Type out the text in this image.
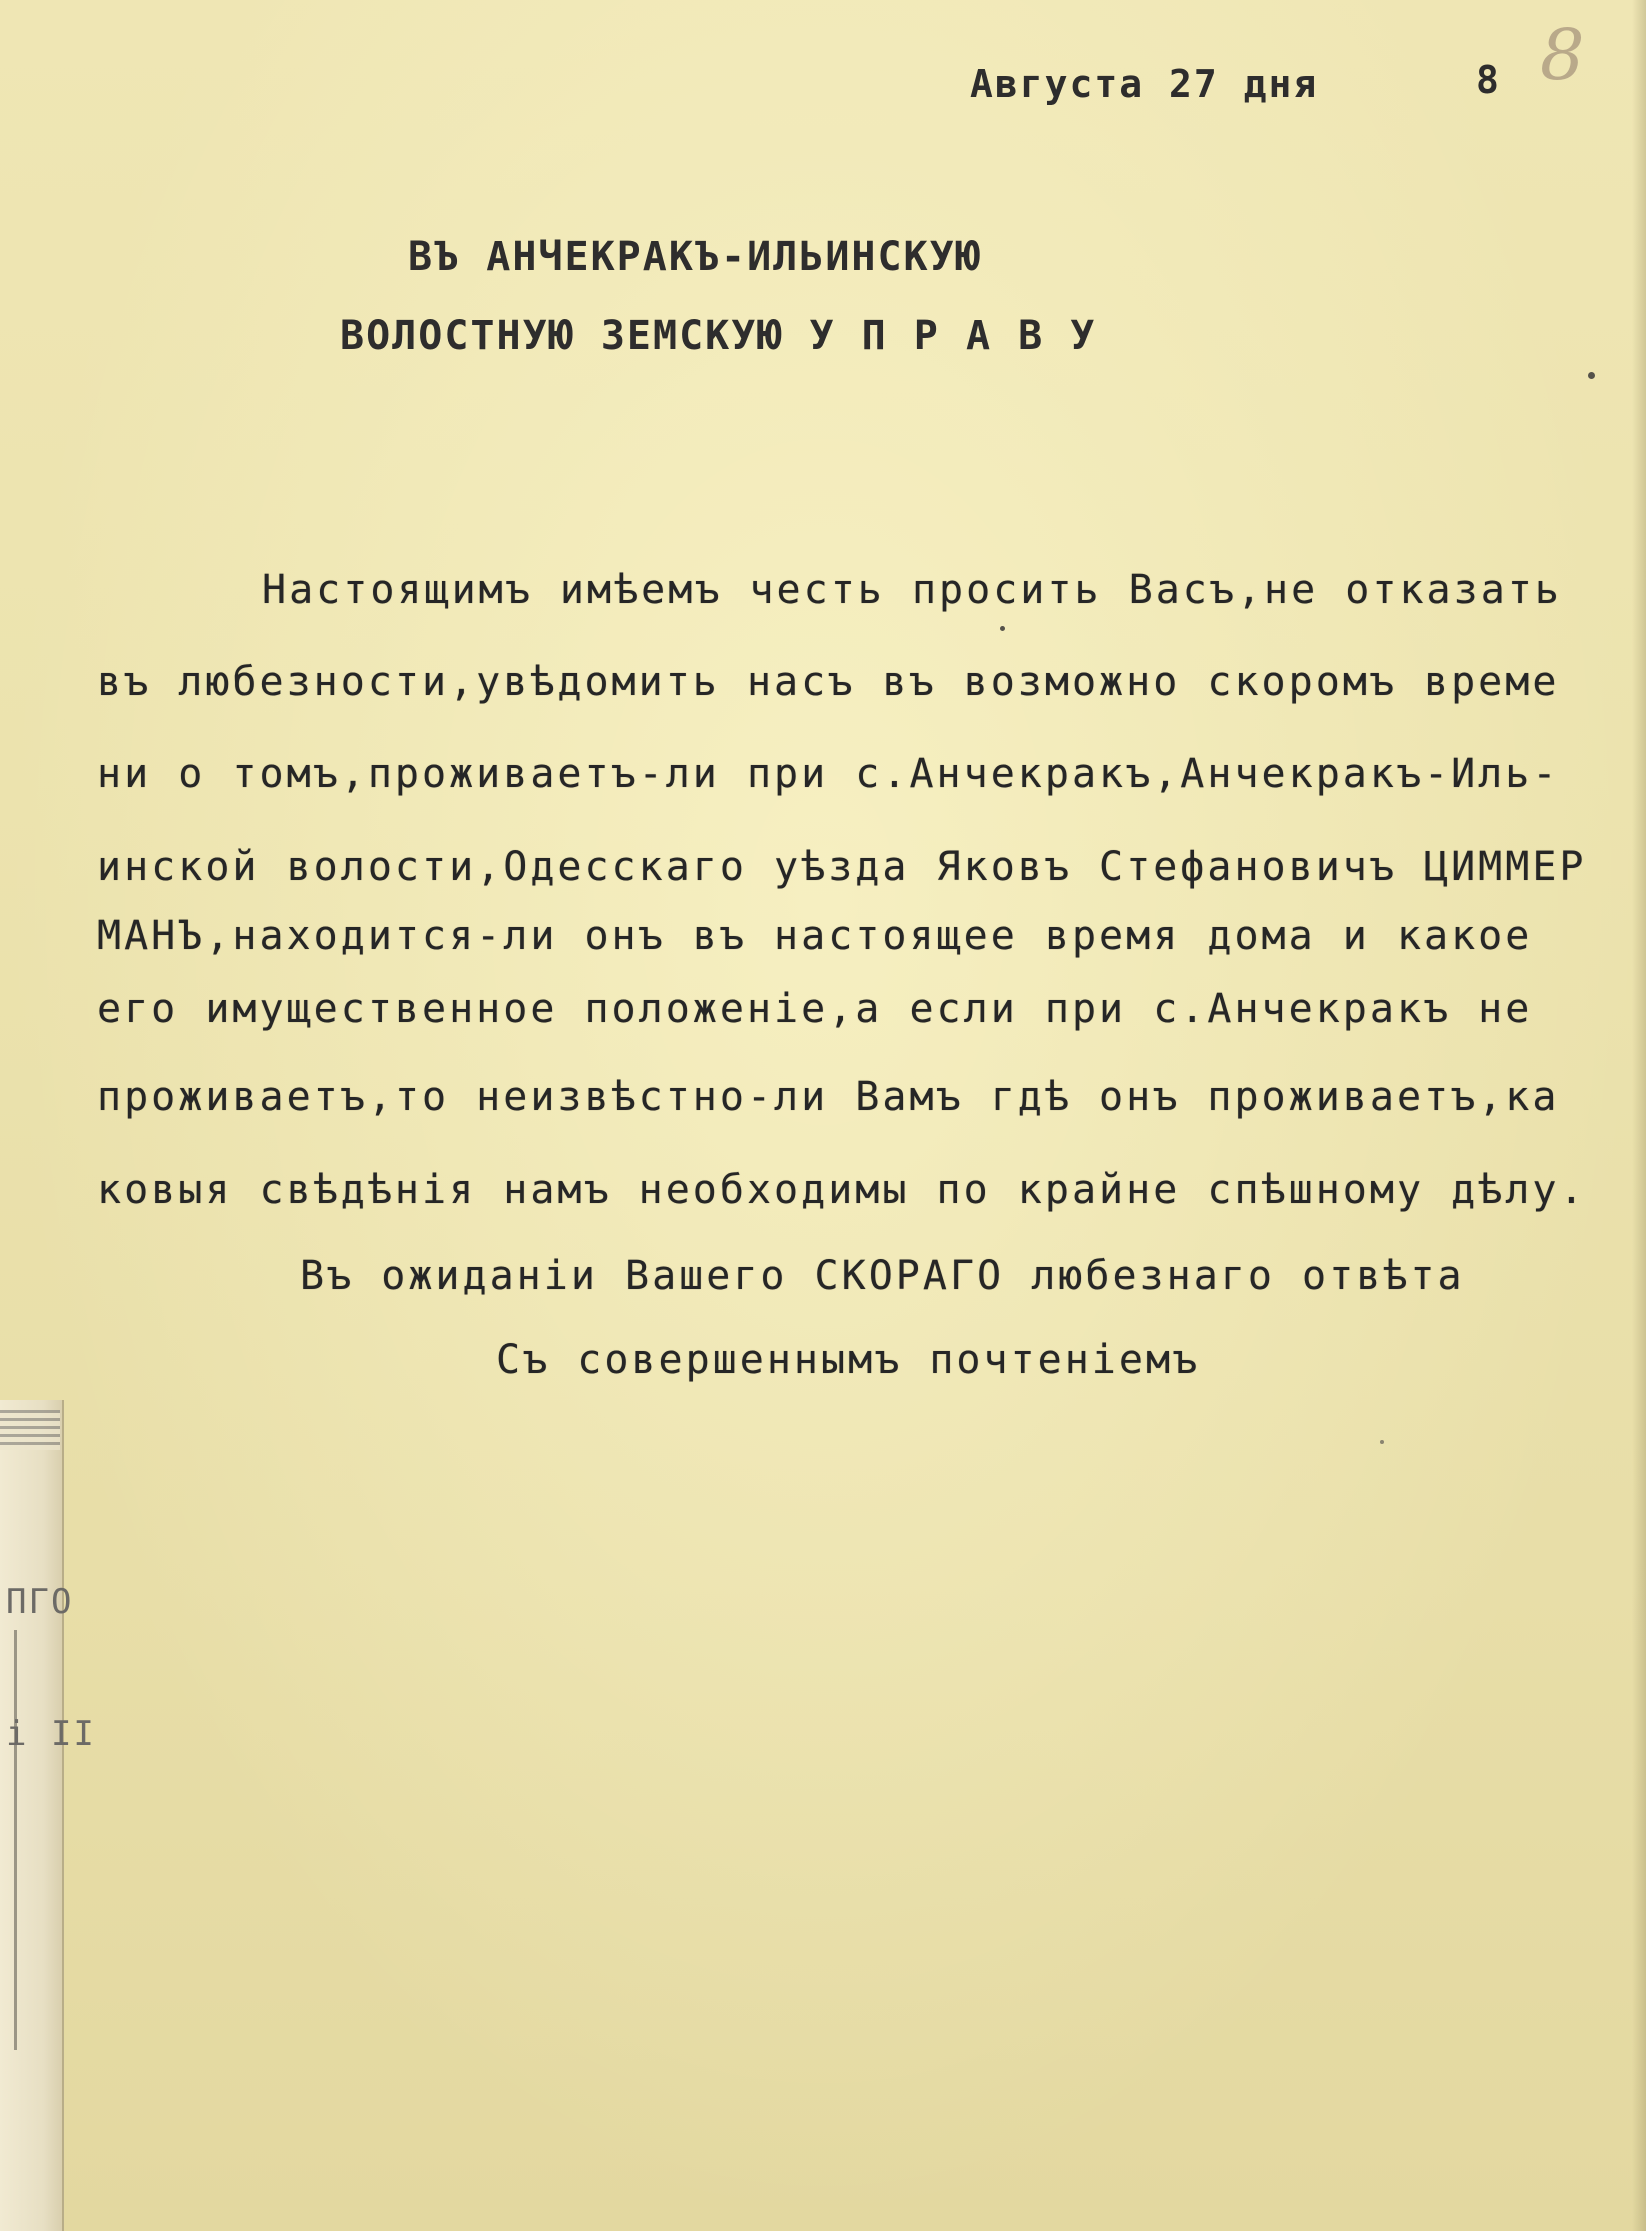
ПГО

і ІІ
Августа 27 дня	8 8
ВЪ АНЧЕКРАКЪ-ИЛЬИНСКУЮ
ВОЛОСТНУЮ ЗЕМСКУЮ У П Р А В У
Настоящимъ имѣемъ честь просить Васъ,не отказать
въ любезности,увѣдомить насъ въ возможно скоромъ време
ни о томъ,проживаетъ-ли при с.Анчекракъ,Анчекракъ-Иль-
инской волости,Одесскаго уѣзда Яковъ Стефановичъ ЦИММЕР
МАНЪ,находится-ли онъ въ настоящее время дома и какое
его имущественное положенiе,а если при с.Анчекракъ не
проживаетъ,то неизвѣстно-ли Вамъ гдѣ онъ проживаетъ,ка
ковыя свѣдѣнiя намъ необходимы по крайне спѣшному дѣлу.
Въ ожиданiи Вашего СКОРАГО любезнаго отвѣта
Съ совершеннымъ почтенiемъ
